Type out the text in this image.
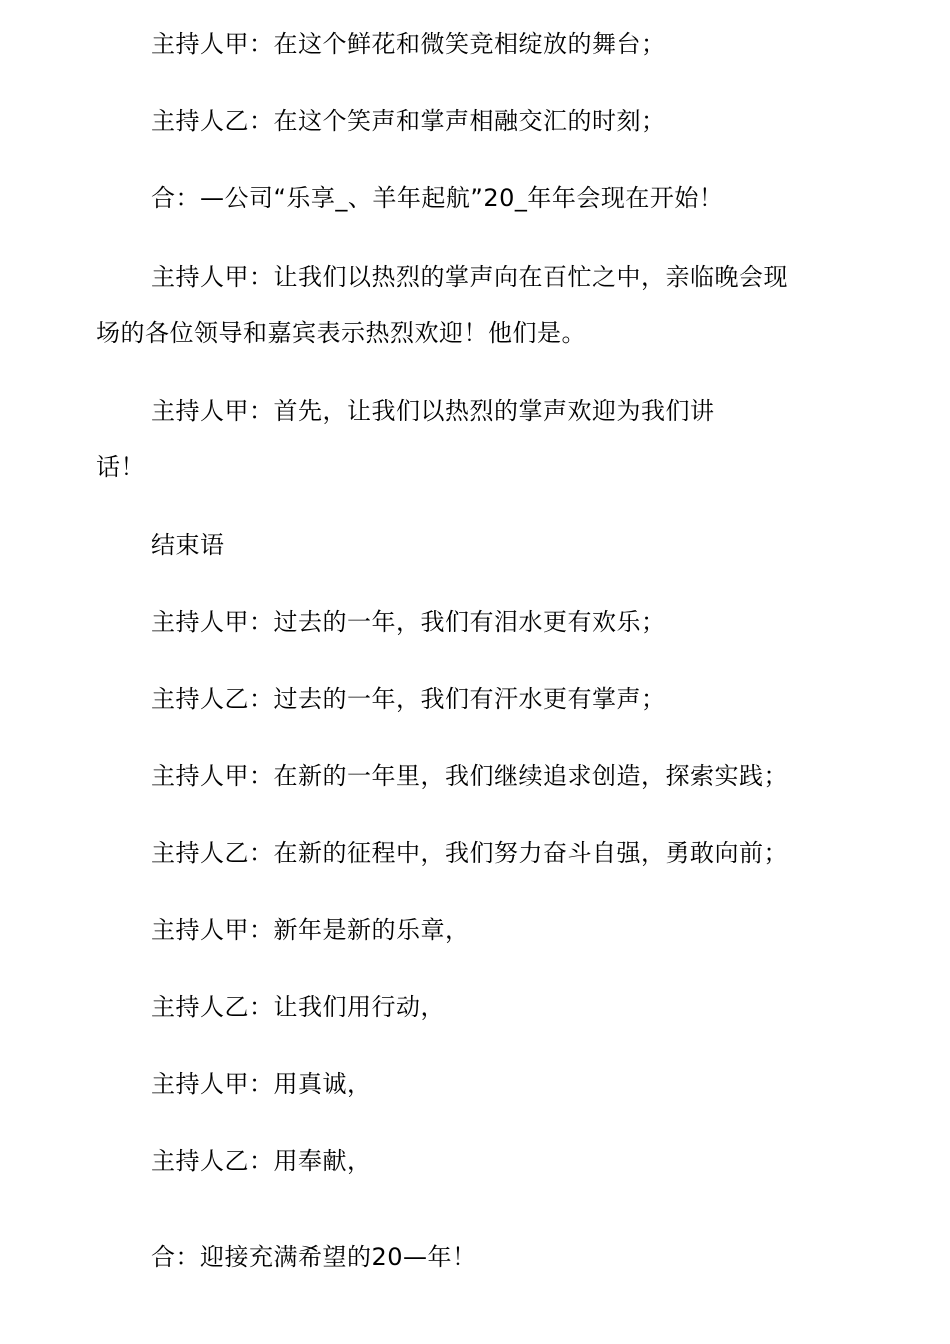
主持人甲：在这个鲜花和微笑竞相绽放的舞台；
主持人乙：在这个笑声和掌声相融交汇的时刻；
合：—公司“乐享_、羊年起航”20_年年会现在开始！
主持人甲：让我们以热烈的掌声向在百忙之中，亲临晚会现
场的各位领导和嘉宾表示热烈欢迎！他们是。
主持人甲：首先，让我们以热烈的掌声欢迎为我们讲
话！
结束语
主持人甲：过去的一年，我们有泪水更有欢乐；
主持人乙：过去的一年，我们有汗水更有掌声；
主持人甲：在新的一年里，我们继续追求创造，探索实践；
主持人乙：在新的征程中，我们努力奋斗自强，勇敢向前；
主持人甲：新年是新的乐章，
主持人乙：让我们用行动，
主持人甲：用真诚，
主持人乙：用奉献，
合：迎接充满希望的20—年！
